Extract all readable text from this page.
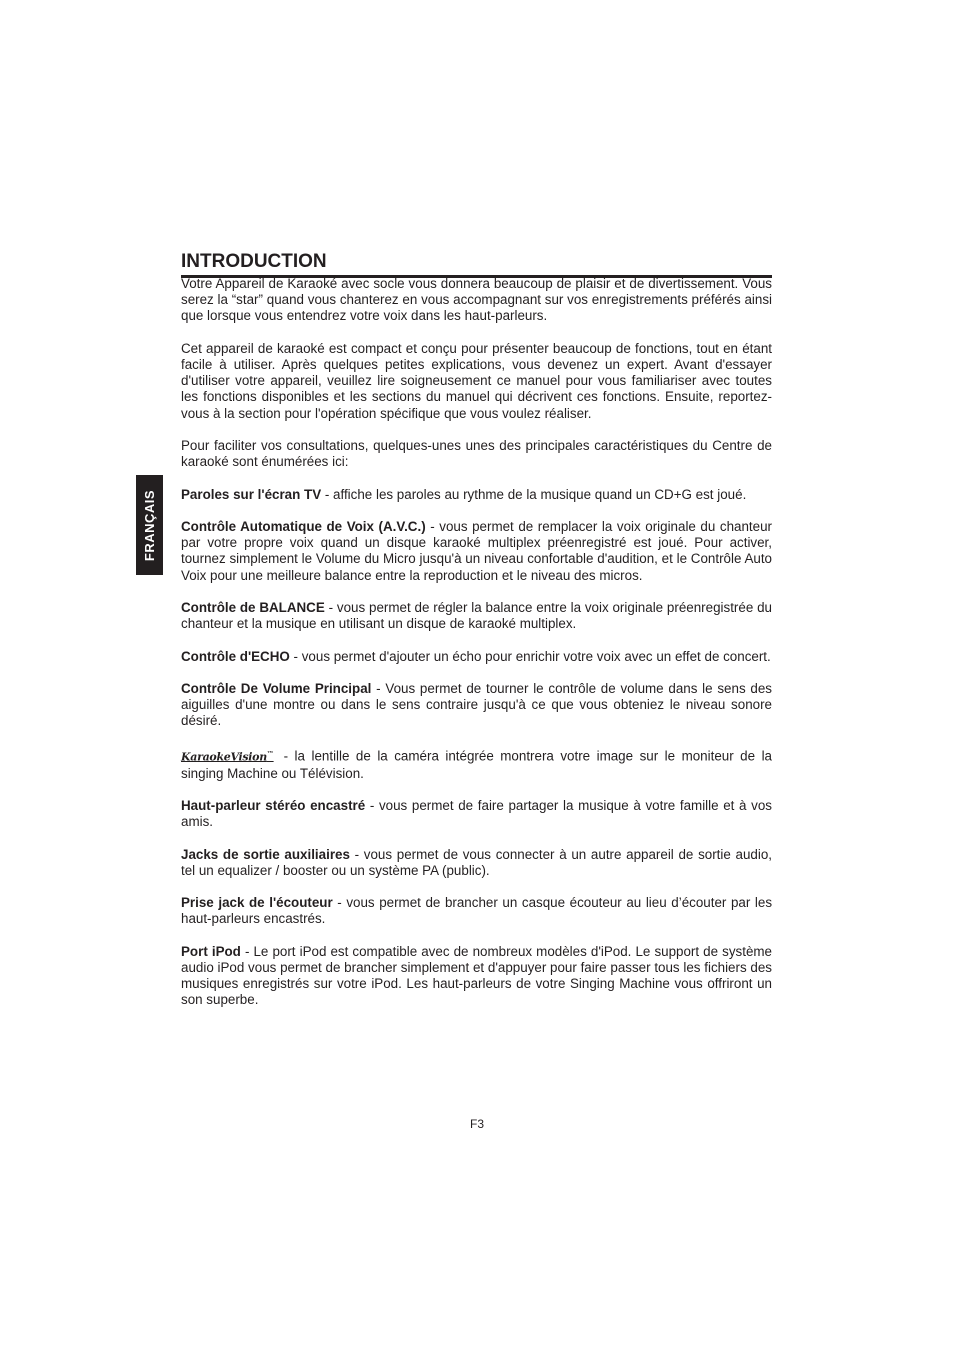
INTRODUCTION
FRANÇAIS

Votre Appareil de Karaoké avec socle vous donnera beaucoup de plaisir et de divertissement. Vous serez la “star” quand vous chanterez en vous accompagnant sur vos enregistrements préférés ainsi que lorsque vous entendrez votre voix dans les haut-parleurs.

Cet appareil de karaoké est compact et conçu pour présenter beaucoup de fonctions, tout en étant facile à utiliser. Après quelques petites explications, vous devenez un expert. Avant d'essayer d'utiliser votre appareil, veuillez lire soigneusement ce manuel pour vous familiariser avec toutes les fonctions disponibles et les sections du manuel qui décrivent ces fonctions. Ensuite, reportez-vous à la section pour l'opération spécifique que vous voulez réaliser.

Pour faciliter vos consultations, quelques-unes unes des principales caractéristiques du Centre de karaoké sont énumérées ici:

Paroles sur l'écran TV - affiche les paroles au rythme de la musique quand un CD+G est joué.

Contrôle Automatique de Voix (A.V.C.) - vous permet de remplacer la voix originale du chanteur par votre propre voix quand un disque karaoké multiplex préenregistré est joué. Pour activer, tournez simplement le Volume du Micro jusqu'à un niveau confortable d'audition, et le Contrôle Auto Voix pour une meilleure balance entre la reproduction et le niveau des micros.

Contrôle de BALANCE - vous permet de régler la balance entre la voix originale préenregistrée du chanteur et la musique en utilisant un disque de karaoké multiplex.

Contrôle d'ECHO - vous permet d'ajouter un écho pour enrichir votre voix avec un effet de concert.

Contrôle De Volume Principal - Vous permet de tourner le contrôle de volume dans le sens des aiguilles d'une montre ou dans le sens contraire jusqu'à ce que vous obteniez le niveau sonore désiré.

KaraokeVision™ - la lentille de la caméra intégrée montrera votre image sur le moniteur de la singing Machine ou Télévision.

Haut-parleur stéréo encastré - vous permet de faire partager la musique à votre famille et à vos amis.

Jacks de sortie auxiliaires - vous permet de vous connecter à un autre appareil de sortie audio, tel un equalizer / booster ou un système PA (public).

Prise jack de l'écouteur - vous permet de brancher un casque écouteur au lieu d’écouter par les haut-parleurs encastrés.

Port iPod - Le port iPod est compatible avec de nombreux modèles d'iPod. Le support de système audio iPod vous permet de brancher simplement et d'appuyer pour faire passer tous les fichiers des musiques enregistrés sur votre iPod. Les haut-parleurs de votre Singing Machine vous offriront un son superbe.

F3
